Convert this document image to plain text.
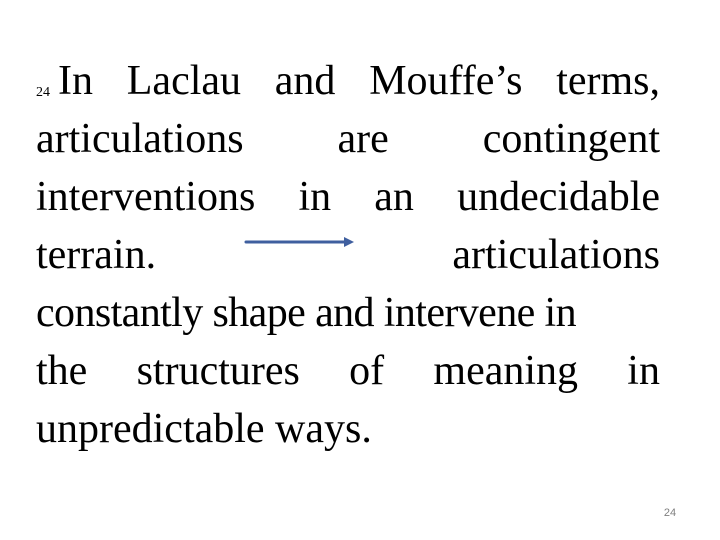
24 In Laclau and Mouffe’s terms,
articulations are contingent
interventions in an undecidable
terrain.	articulations
constantly shape and intervene in
the structures of meaning in
unpredictable ways.
24
